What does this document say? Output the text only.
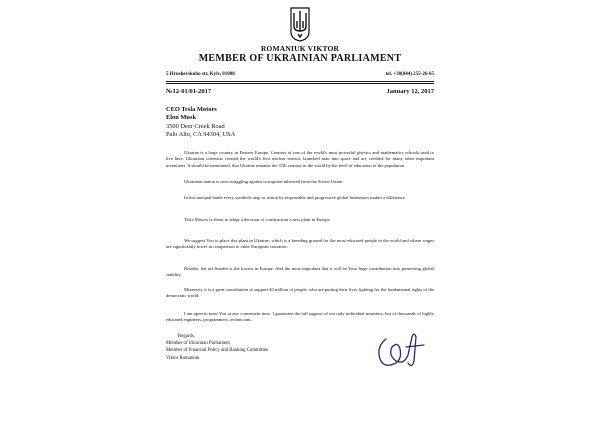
ROMANIUK VIKTOR
MEMBER OF UKRAINIAN PARLIAMENT
5 Hrushevskoho str, Kyiv, 01008	tel. +38(044) 255-26-65
№12-01/01-2017	January 12, 2017
CEO Tesla Motors
Elon Musk
3500 Deer Creek Road
Palo Alto, CA 94304, USA
Ukraine is a large country in Eastern Europe. Creators of one of the world's most powerful physics and mathematics schools used to live here. Ukrainian scientists created the world's first nuclear reactor, launched man into space and are credited for many other important inventions. It should be mentioned, that Ukraine remains the 37th country in the world by the level of education of the population.
Ukrainian nation is now struggling against corruption inherited from the Soviet Union.
In this unequal battle every symbolic step or action by responsible and progressive global businesses makes a difference.
Tesla Motors is about to adopt a decision of construction a new plant in Europe.
We suggest You to place this plant in Ukraine, which is a breeding ground for the most educated people in the world and where wages are significantly lower in comparison to other European countries.
Besides, the tax burden is the lowest in Europe. And the most important that it will be Your huge contribution into preserving global stability.
Moreover, it is a great contribution to support 40 million of people, who are putting their lives fighting for the fundamental rights of the democratic world.
I am open to meet You at any convenient time. I guarantee the full support of not only individual ministers, but of thousands of highly educated engineers, programmers, technicians.
Regards,
Member of Ukrainian Parliament
Member of Financial Policy and Banking Committee
Viktor Romaniuk
